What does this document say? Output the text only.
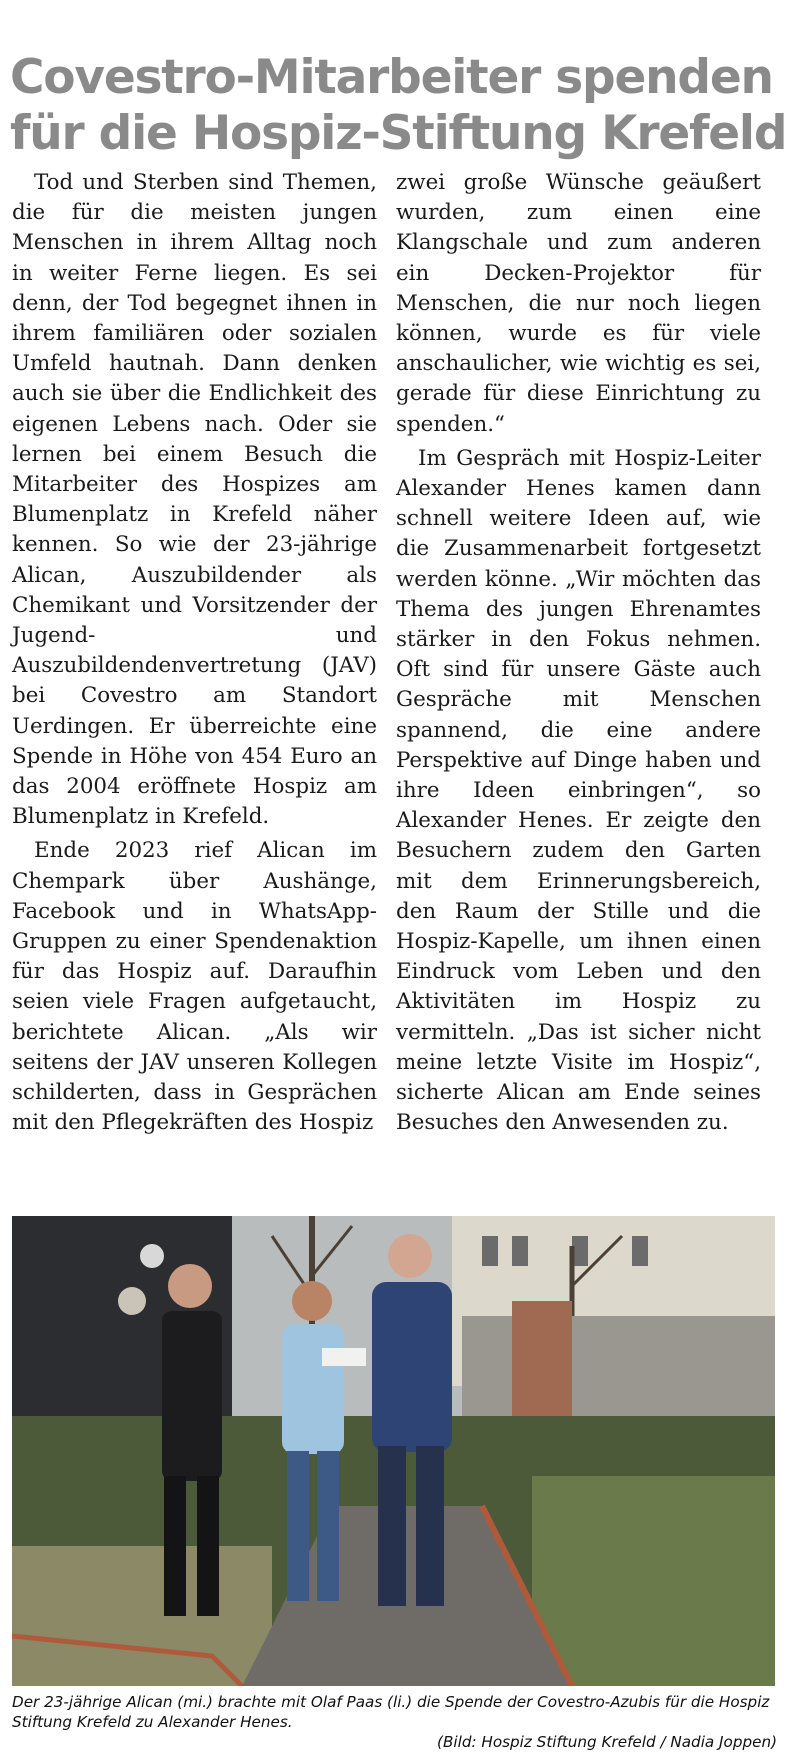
Covestro-Mitarbeiter spenden
für die Hospiz-Stiftung Krefeld

Tod und Sterben sind Themen, die für die meisten jungen Menschen in ihrem Alltag noch in weiter Ferne liegen. Es sei denn, der Tod begegnet ihnen in ihrem familiären oder sozialen Umfeld hautnah. Dann denken auch sie über die Endlichkeit des eigenen Lebens nach. Oder sie lernen bei einem Besuch die Mitarbeiter des Hospizes am Blumenplatz in Krefeld näher kennen. So wie der 23-jährige Alican, Auszubildender als Chemikant und Vorsitzender der Jugend- und Auszubildendenvertretung (JAV) bei Covestro am Standort Uerdingen. Er überreichte eine Spende in Höhe von 454 Euro an das 2004 eröffnete Hospiz am Blumenplatz in Krefeld.

Ende 2023 rief Alican im Chempark über Aushänge, Facebook und in WhatsApp-Gruppen zu einer Spendenaktion für das Hospiz auf. Daraufhin seien viele Fragen aufgetaucht, berichtete Alican. „Als wir seitens der JAV unseren Kollegen schilderten, dass in Gesprächen mit den Pflegekräften des Hospiz

zwei große Wünsche geäußert wurden, zum einen eine Klangschale und zum anderen ein Decken-Projektor für Menschen, die nur noch liegen können, wurde es für viele anschaulicher, wie wichtig es sei, gerade für diese Einrichtung zu spenden.“

Im Gespräch mit Hospiz-Leiter Alexander Henes kamen dann schnell weitere Ideen auf, wie die Zusammenarbeit fortgesetzt werden könne. „Wir möchten das Thema des jungen Ehrenamtes stärker in den Fokus nehmen. Oft sind für unsere Gäste auch Gespräche mit Menschen spannend, die eine andere Perspektive auf Dinge haben und ihre Ideen einbringen“, so Alexander Henes. Er zeigte den Besuchern zudem den Garten mit dem Erinnerungsbereich, den Raum der Stille und die Hospiz-Kapelle, um ihnen einen Eindruck vom Leben und den Aktivitäten im Hospiz zu vermitteln. „Das ist sicher nicht meine letzte Visite im Hospiz“, sicherte Alican am Ende seines Besuches den Anwesenden zu.

Der 23-jährige Alican (mi.) brachte mit Olaf Paas (li.) die Spende der Covestro-Azubis für die Hospiz Stiftung Krefeld zu Alexander Henes.
(Bild: Hospiz Stiftung Krefeld / Nadia Joppen)
